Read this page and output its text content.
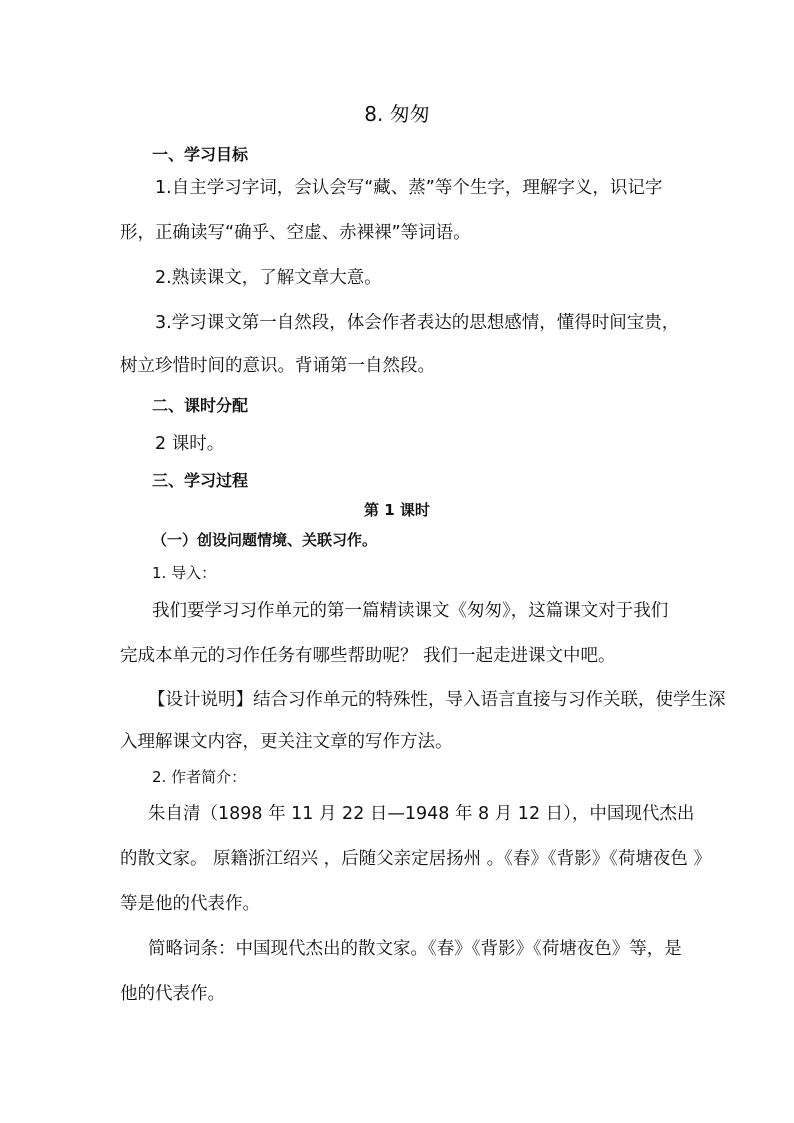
8. 匆匆
一、学习目标
1.自主学习字词，会认会写“藏、蒸”等个生字，理解字义，识记字
形，正确读写“确乎、空虚、赤裸裸”等词语。
2.熟读课文，了解文章大意。
3.学习课文第一自然段，体会作者表达的思想感情，懂得时间宝贵，
树立珍惜时间的意识。背诵第一自然段。
二、课时分配
2 课时。
三、学习过程
第 1 课时
（一）创设问题情境、关联习作。
1. 导入：
我们要学习习作单元的第一篇精读课文《匆匆》，这篇课文对于我们
完成本单元的习作任务有哪些帮助呢？ 我们一起走进课文中吧。
【设计说明】结合习作单元的特殊性，导入语言直接与习作关联，使学生深
入理解课文内容，更关注文章的写作方法。
2. 作者简介：
朱自清（1898 年 11 月 22 日—1948 年 8 月 12 日），中国现代杰出
的散文家。 原籍浙江绍兴 ，后随父亲定居扬州 。《春》《背影》《荷塘夜色 》
等是他的代表作。
简略词条：中国现代杰出的散文家。《春》《背影》《荷塘夜色》等，是
他的代表作。
